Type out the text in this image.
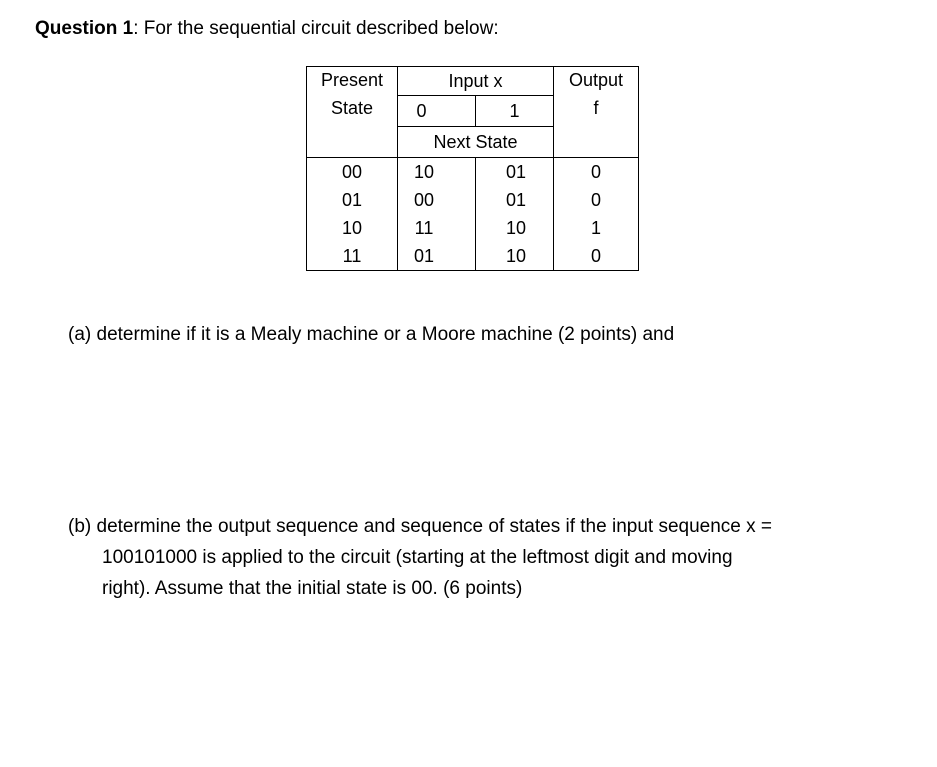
Question 1: For the sequential circuit described below:
Present
State	Input x		Output
f

	0	1	
	Next State		
00	10	01	0
01	00	01	0
10	11	10	1
11	01	10	0
(a) determine if it is a Mealy machine or a Moore machine (2 points) and
(b) determine the output sequence and sequence of states if the input sequence x =
100101000 is applied to the circuit (starting at the leftmost digit and moving
right). Assume that the initial state is 00. (6 points)
